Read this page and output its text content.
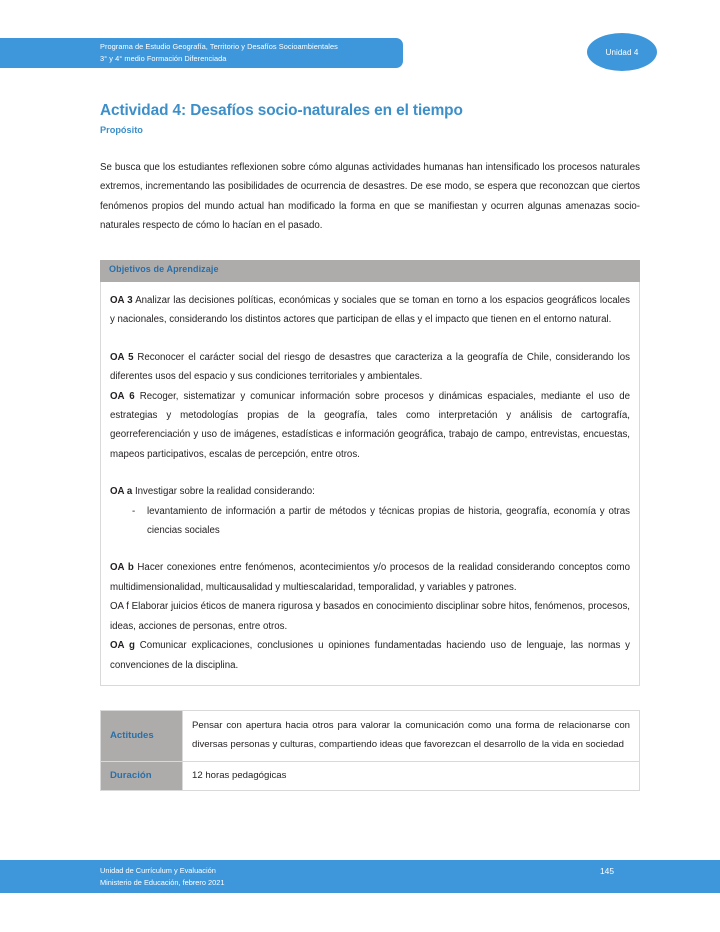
Programa de Estudio Geografía, Territorio y Desafíos Socioambientales
3° y 4° medio Formación Diferenciada
Unidad 4
Actividad 4: Desafíos socio-naturales en el tiempo
Propósito

Se busca que los estudiantes reflexionen sobre cómo algunas actividades humanas han intensificado los procesos naturales extremos, incrementando las posibilidades de ocurrencia de desastres. De ese modo, se espera que reconozcan que ciertos fenómenos propios del mundo actual han modificado la forma en que se manifiestan y ocurren algunas amenazas socio-naturales respecto de cómo lo hacían en el pasado.

Objetivos de Aprendizaje

OA 3 Analizar las decisiones políticas, económicas y sociales que se toman en torno a los espacios geográficos locales y nacionales, considerando los distintos actores que participan de ellas y el impacto que tienen en el entorno natural.

OA 5 Reconocer el carácter social del riesgo de desastres que caracteriza a la geografía de Chile, considerando los diferentes usos del espacio y sus condiciones territoriales y ambientales.

OA 6 Recoger, sistematizar y comunicar información sobre procesos y dinámicas espaciales, mediante el uso de estrategias y metodologías propias de la geografía, tales como interpretación y análisis de cartografía, georreferenciación y uso de imágenes, estadísticas e información geográfica, trabajo de campo, entrevistas, encuestas, mapeos participativos, escalas de percepción, entre otros.

OA a Investigar sobre la realidad considerando:

-	levantamiento de información a partir de métodos y técnicas propias de historia, geografía, economía y otras ciencias sociales

OA b Hacer conexiones entre fenómenos, acontecimientos y/o procesos de la realidad considerando conceptos como multidimensionalidad, multicausalidad y multiescalaridad, temporalidad, y variables y patrones.

OA f Elaborar juicios éticos de manera rigurosa y basados en conocimiento disciplinar sobre hitos, fenómenos, procesos, ideas, acciones de personas, entre otros.

OA g Comunicar explicaciones, conclusiones u opiniones fundamentadas haciendo uso de lenguaje, las normas y convenciones de la disciplina.

Actitudes	Pensar con apertura hacia otros para valorar la comunicación como una forma de relacionarse con diversas personas y culturas, compartiendo ideas que favorezcan el desarrollo de la vida en sociedad
Duración	12 horas pedagógicas
Unidad de Currículum y Evaluación
Ministerio de Educación, febrero 2021
145
